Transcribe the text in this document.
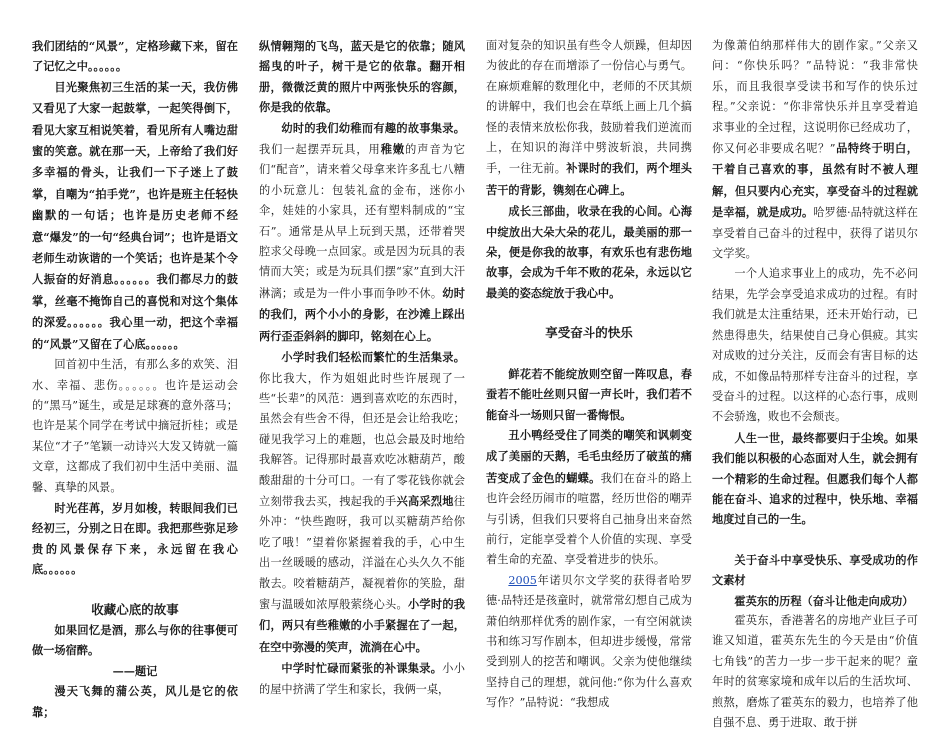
我们团结的“风景”，定格珍藏下来，留在了记忆之中。。。。。。

目光聚焦初三生活的某一天，我仿佛又看见了大家一起鼓掌，一起笑得倒下，看见大家互相说笑着，看见所有人嘴边甜蜜的笑意。就在那一天，上帝给了我们好多幸福的骨头，让我们一下子迷上了鼓掌，自嘲为“拍手党”，也许是班主任轻快幽默的一句话；也许是历史老师不经意“爆发”的一句“经典台词”；也许是语文老师生动诙谐的一个笑话；也许是某个令人振奋的好消息。。。。。。我们都尽力的鼓掌，丝毫不掩饰自己的喜悦和对这个集体的深爱。。。。。。我心里一动，把这个幸福的“风景”又留在了心底。。。。。。

回首初中生活，有那么多的欢笑、泪水、幸福、悲伤。。。。。。也许是运动会的“黑马”诞生，或是足球赛的意外落马；也许是某个同学在考试中摘冠折桂；或是某位“才子”笔颖一动诗兴大发又铸就一篇文章，这都成了我们初中生活中美丽、温馨、真挚的风景。

时光荏苒，岁月如梭，转眼间我们已经初三，分别之日在即。我把那些弥足珍贵的风景保存下来，永远留在我心底。。。。。。

收藏心底的故事

如果回忆是酒，那么与你的往事便可做一场宿醉。

——题记

漫天飞舞的蒲公英，风儿是它的依靠；

纵情翱翔的飞鸟，蓝天是它的依靠；随风摇曳的叶子，树干是它的依靠。翻开相册，微微泛黄的照片中两张快乐的容颜，你是我的依靠。

幼时的我们幼稚而有趣的故事集录。我们一起摆弄玩具，用稚嫩的声音为它们“配音”，请来着父母拿来许多乱七八糟的小玩意儿：包装礼盒的金布，迷你小伞，娃娃的小家具，还有塑料制成的“宝石”。通常是从早上玩到天黑，还带着哭腔求父母晚一点回家。或是因为玩具的表情而大笑；或是为玩具们摆“家”直到大汗淋漓；或是为一件小事而争吵不休。幼时的我们，两个小小的身影，在沙滩上踩出两行歪歪斜斜的脚印，铭刻在心上。

小学时我们轻松而繁忙的生活集录。你比我大，作为姐姐此时些许展现了一些“长辈”的风范：遇到喜欢吃的东西时，虽然会有些舍不得，但还是会让给我吃；碰见我学习上的难题，也总会最及时地给我解答。记得那时最喜欢吃冰糖葫芦，酸酸甜甜的十分可口。一有了零花钱你就会立刻带我去买，拽起我的手兴高采烈地往外冲：“快些跑呀，我可以买糖葫芦给你吃了哦！”望着你紧握着我的手，心中生出一丝暖暖的感动，洋溢在心头久久不能散去。咬着糖葫芦，凝视着你的笑脸，甜蜜与温暖如浓厚般萦绕心头。小学时的我们，两只有些稚嫩的小手紧握在了一起，在空中弥漫的笑声，流淌在心中。

中学时忙碌而紧张的补课集录。小小的屋中挤满了学生和家长，我俩一桌，

面对复杂的知识虽有些令人烦躁，但却因为彼此的存在而增添了一份信心与勇气。在麻烦难解的数理化中，老师的不厌其烦的讲解中，我们也会在草纸上画上几个搞怪的表情来放松你我，鼓励着我们逆流而上，在知识的海洋中劈波斩浪，共同携手，一往无前。补课时的我们，两个埋头苦干的背影，镌刻在心碑上。

成长三部曲，收录在我的心间。心海中绽放出大朵大朵的花儿，最美丽的那一朵，便是你我的故事，有欢乐也有悲伤地故事，会成为千年不败的花朵，永远以它最美的姿态绽放于我心中。

享受奋斗的快乐

鲜花若不能绽放则空留一阵叹息，春蚕若不能吐丝则只留一声长叶，我们若不能奋斗一场则只留一番悔恨。

丑小鸭经受住了同类的嘲笑和讽刺变成了美丽的天鹅，毛毛虫经历了破茧的痛苦变成了金色的蝴蝶。我们在奋斗的路上也许会经历闹市的喧嚣，经历世俗的嘲弄与引诱，但我们只要将自己抽身出来奋然前行，定能享受着个人价值的实现、享受着生命的充盈、享受着进步的快乐。

2005年诺贝尔文学奖的获得者哈罗德·品特还是孩童时，就常常幻想自己成为萧伯纳那样优秀的剧作家，一有空闲就读书和练习写作剧本，但却进步缓慢，常常受到别人的挖苦和嘲讽。父亲为使他继续坚持自己的理想，就问他:“你为什么喜欢写作？”品特说：“我想成

为像萧伯纳那样伟大的剧作家。”父亲又问：“你快乐吗？”品特说：“我非常快乐，而且我很享受读书和写作的快乐过程。”父亲说：“你非常快乐并且享受着追求事业的全过程，这说明你已经成功了，你又何必非要成名呢？”品特终于明白，干着自己喜欢的事，虽然有时不被人理解，但只要内心充实，享受奋斗的过程就是幸福，就是成功。哈罗德·品特就这样在享受着自己奋斗的过程中，获得了诺贝尔文学奖。

一个人追求事业上的成功，先不必问结果，先学会享受追求成功的过程。有时我们就是太注重结果，还未开始行动，已然患得患失，结果使自己身心俱疲。其实对成败的过分关注，反而会有害目标的达成，不如像品特那样专注奋斗的过程，享受奋斗的过程。以这样的心态行事，成则不会骄逸，败也不会颓丧。

人生一世，最终都要归于尘埃。如果我们能以积极的心态面对人生，就会拥有一个精彩的生命过程。但愿我们每个人都能在奋斗、追求的过程中，快乐地、幸福地度过自己的一生。

关于奋斗中享受快乐、享受成功的作文素材

霍英东的历程（奋斗让他走向成功）

霍英东，香港著名的房地产业巨子可谁又知道，霍英东先生的今天是由“价值七角钱”的苦力一步一步干起来的呢？童年时的贫寒家境和成年以后的生活坎坷、煎熬，磨炼了霍英东的毅力，也培养了他自强不息、勇于进取、敢于拼
